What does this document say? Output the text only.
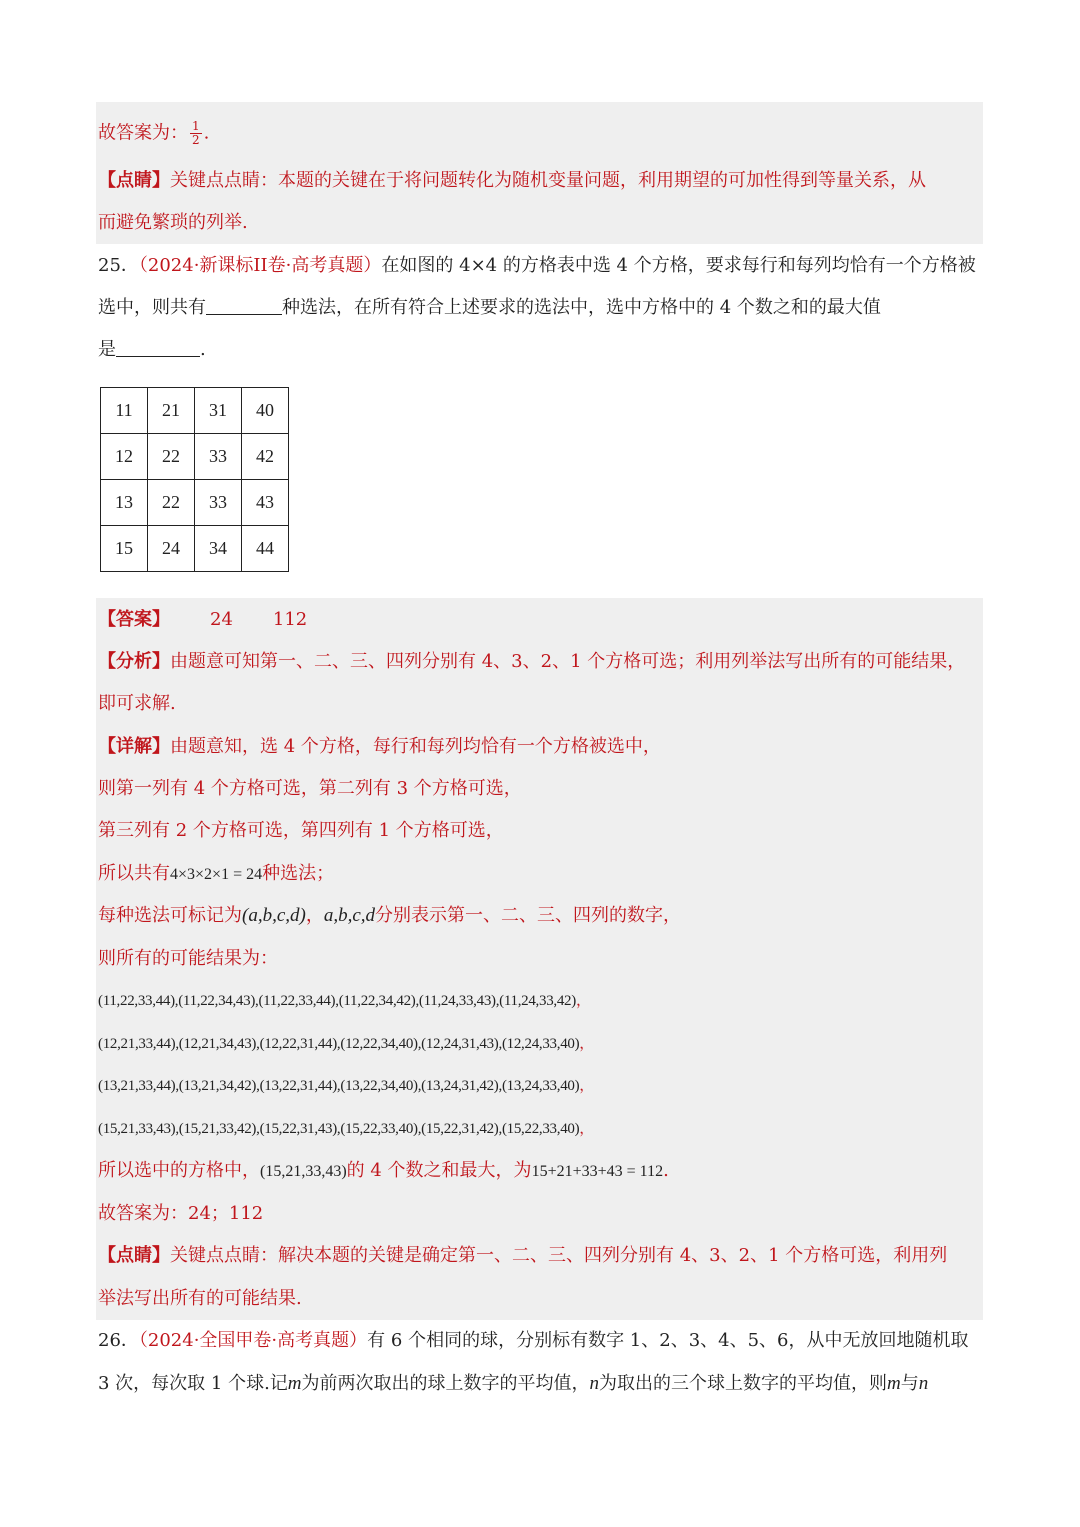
故答案为： $\frac{1}{2}$ .
【点睛】关键点点睛：本题的关键在于将问题转化为随机变量问题，利用期望的可加性得到等量关系，从
而避免繁琐的列举.
25．（2024·新课标II卷·高考真题）在如图的 4×4 的方格表中选 4 个方格，要求每行和每列均恰有一个方格被
选中，则共有	种选法，在所有符合上述要求的选法中，选中方格中的 4 个数之和的最大值
是	.
11	21	31	40
12	22	33	42
13	22	33	43
15	24	34	44
【答案】 24 112
【分析】由题意可知第一、二、三、四列分别有 4、3、2、1 个方格可选；利用列举法写出所有的可能结果，
即可求解.
【详解】由题意知，选 4 个方格，每行和每列均恰有一个方格被选中，
则第一列有 4 个方格可选，第二列有 3 个方格可选，
第三列有 2 个方格可选，第四列有 1 个方格可选，
所以共有4×3×2×1 = 24种选法；
每种选法可标记为(a,b,c,d)，a,b,c,d分别表示第一、二、三、四列的数字，
则所有的可能结果为：
(11,22,33,44),(11,22,34,43),(11,22,33,44),(11,22,34,42),(11,24,33,43),(11,24,33,42)，
(12,21,33,44),(12,21,34,43),(12,22,31,44),(12,22,34,40),(12,24,31,43),(12,24,33,40)，
(13,21,33,44),(13,21,34,42),(13,22,31,44),(13,22,34,40),(13,24,31,42),(13,24,33,40)，
(15,21,33,43),(15,21,33,42),(15,22,31,43),(15,22,33,40),(15,22,31,42),(15,22,33,40)，
所以选中的方格中，(15,21,33,43)的 4 个数之和最大，为15+21+33+43 = 112.
故答案为：24；112
【点睛】关键点点睛：解决本题的关键是确定第一、二、三、四列分别有 4、3、2、1 个方格可选，利用列
举法写出所有的可能结果.
26．（2024·全国甲卷·高考真题）有 6 个相同的球，分别标有数字 1、2、3、4、5、6，从中无放回地随机取
3 次，每次取 1 个球.记m为前两次取出的球上数字的平均值，n为取出的三个球上数字的平均值，则m与n
